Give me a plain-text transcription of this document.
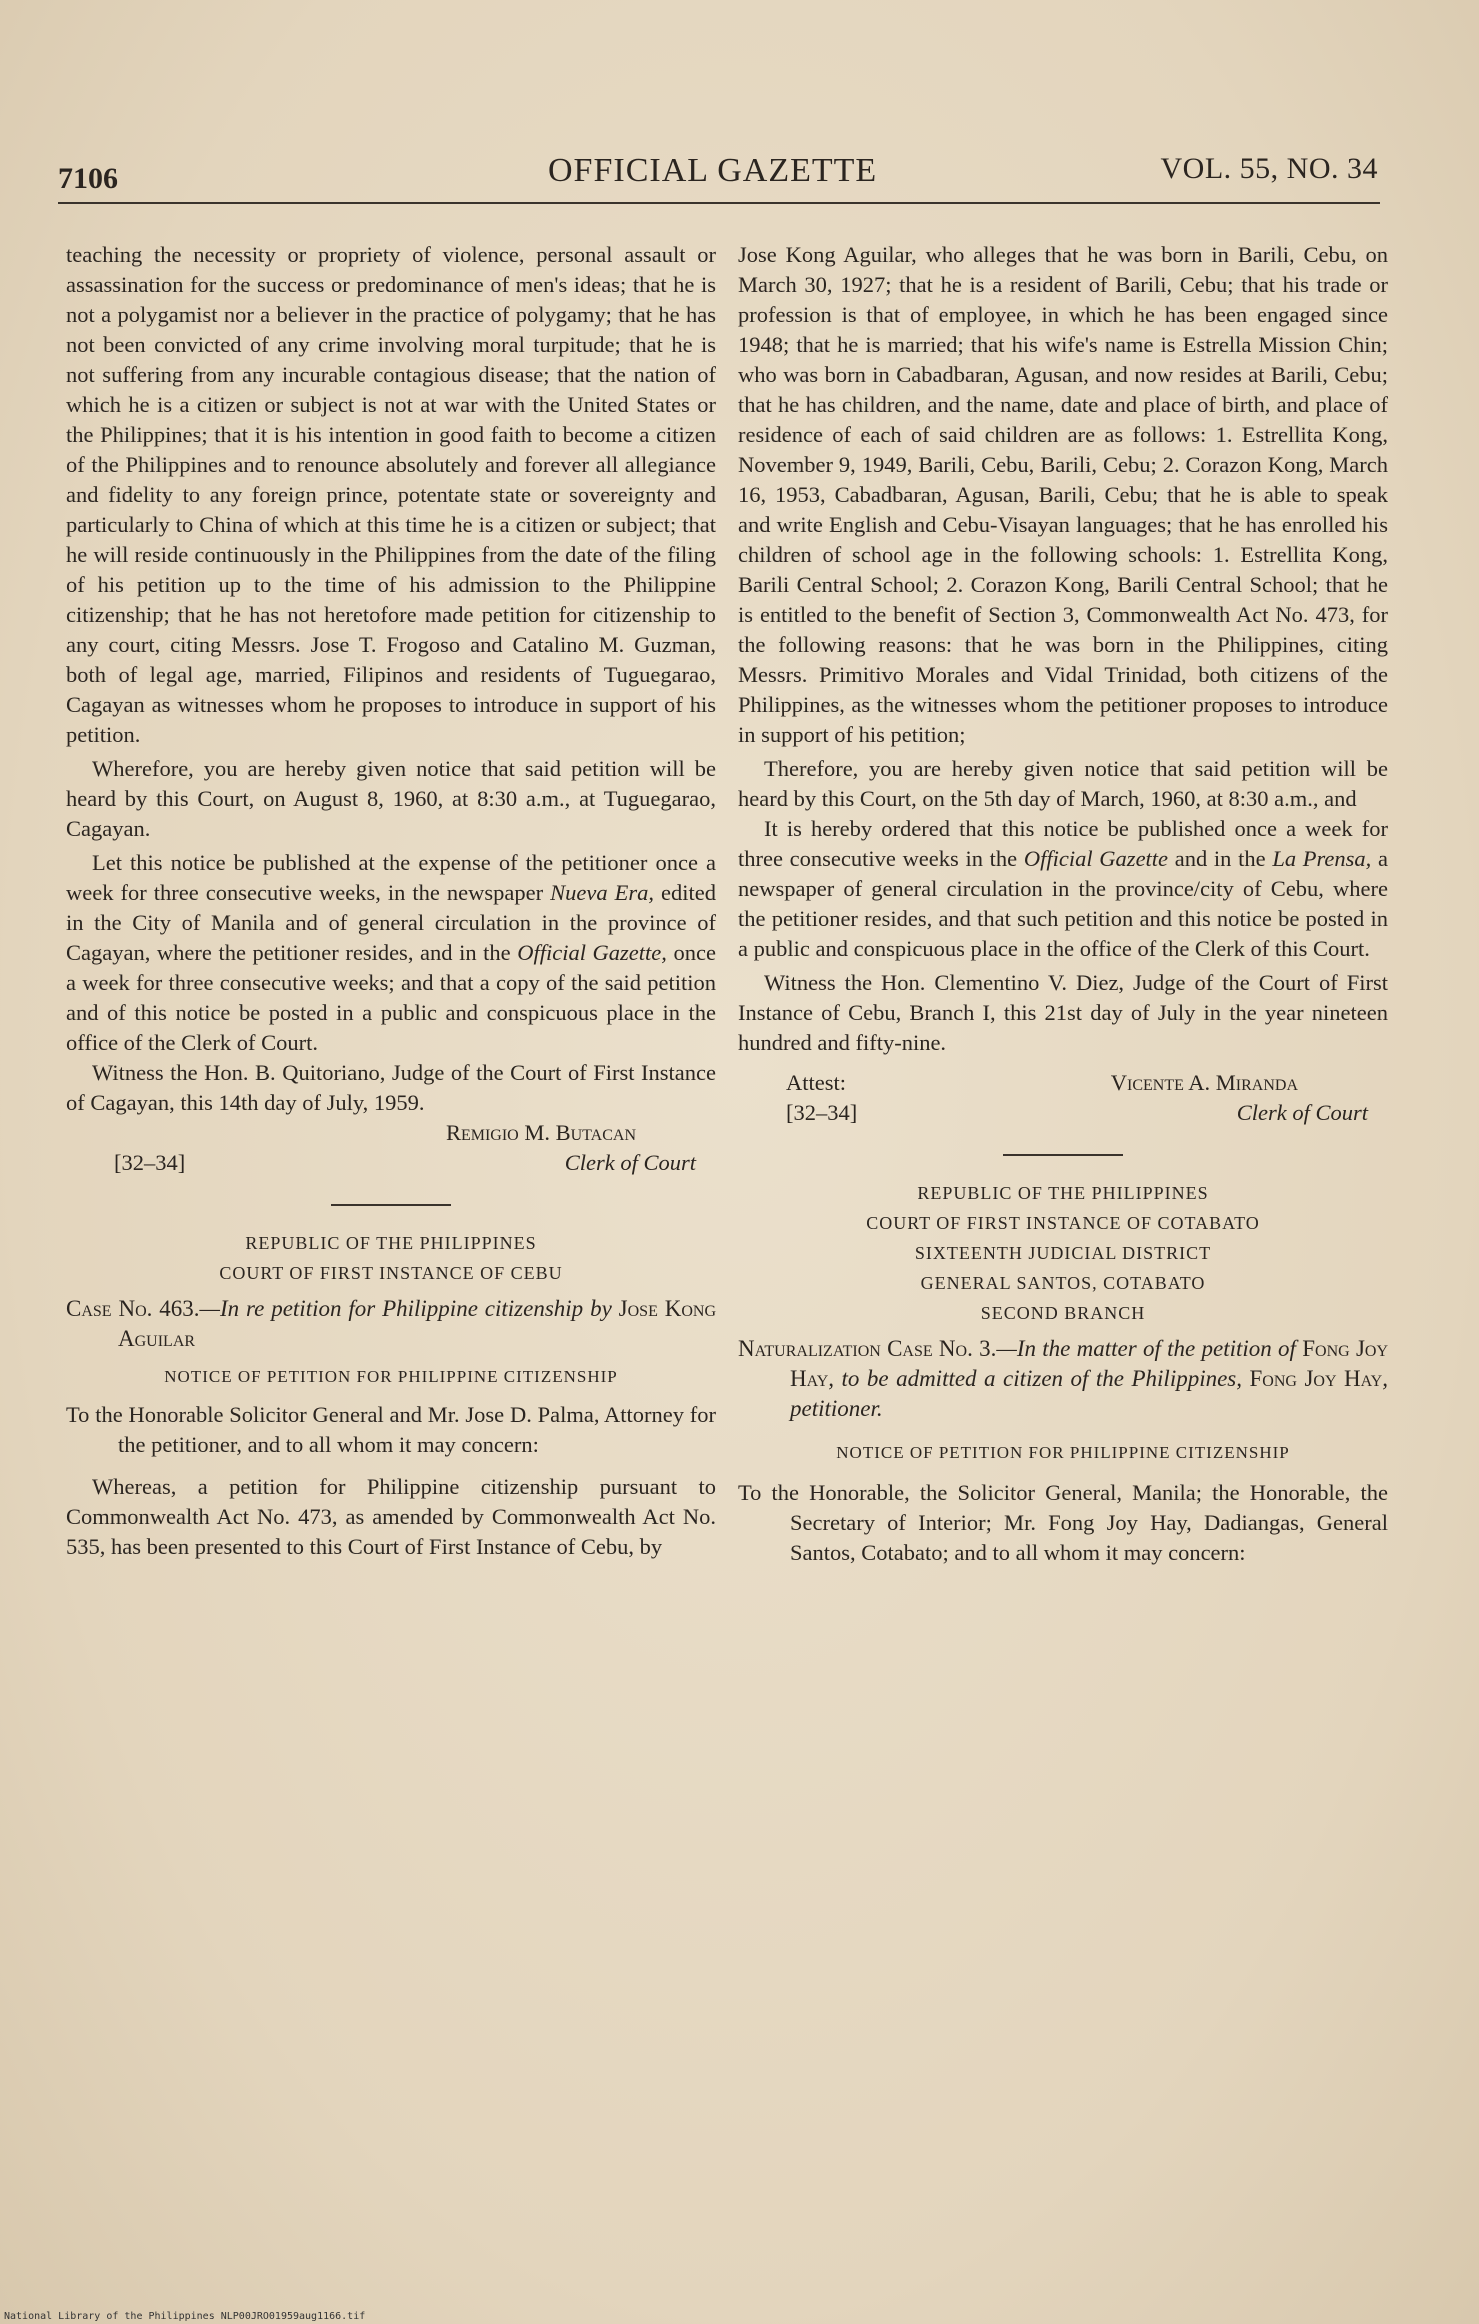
7106	OFFICIAL GAZETTE	VOL. 55, NO. 34

teaching the necessity or propriety of violence, personal assault or assassination for the success or predominance of men's ideas; that he is not a polygamist nor a believer in the practice of polygamy; that he has not been convicted of any crime involving moral turpitude; that he is not suffering from any incurable contagious disease; that the nation of which he is a citizen or subject is not at war with the United States or the Philippines; that it is his intention in good faith to become a citizen of the Philippines and to renounce absolutely and forever all allegiance and fidelity to any foreign prince, potentate state or sovereignty and particularly to China of which at this time he is a citizen or subject; that he will reside continuously in the Philippines from the date of the filing of his petition up to the time of his admission to the Philippine citizenship; that he has not heretofore made petition for citizenship to any court, citing Messrs. Jose T. Frogoso and Catalino M. Guzman, both of legal age, married, Filipinos and residents of Tuguegarao, Cagayan as witnesses whom he proposes to introduce in support of his petition.

Wherefore, you are hereby given notice that said petition will be heard by this Court, on August 8, 1960, at 8:30 a.m., at Tuguegarao, Cagayan.

Let this notice be published at the expense of the petitioner once a week for three consecutive weeks, in the newspaper Nueva Era, edited in the City of Manila and of general circulation in the province of Cagayan, where the petitioner resides, and in the Official Gazette, once a week for three consecutive weeks; and that a copy of the said petition and of this notice be posted in a public and conspicuous place in the office of the Clerk of Court.

Witness the Hon. B. Quitoriano, Judge of the Court of First Instance of Cagayan, this 14th day of July, 1959.

Remigio M. Butacan
[32–34]	Clerk of Court

REPUBLIC OF THE PHILIPPINES

COURT OF FIRST INSTANCE OF CEBU

Case No. 463.—In re petition for Philippine citizenship by Jose Kong Aguilar

NOTICE OF PETITION FOR PHILIPPINE CITIZENSHIP

To the Honorable Solicitor General and Mr. Jose D. Palma, Attorney for the petitioner, and to all whom it may concern:

Whereas, a petition for Philippine citizenship pursuant to Commonwealth Act No. 473, as amended by Commonwealth Act No. 535, has been presented to this Court of First Instance of Cebu, by

Jose Kong Aguilar, who alleges that he was born in Barili, Cebu, on March 30, 1927; that he is a resident of Barili, Cebu; that his trade or profession is that of employee, in which he has been engaged since 1948; that he is married; that his wife's name is Estrella Mission Chin; who was born in Cabadbaran, Agusan, and now resides at Barili, Cebu; that he has children, and the name, date and place of birth, and place of residence of each of said children are as follows: 1. Estrellita Kong, November 9, 1949, Barili, Cebu, Barili, Cebu; 2. Corazon Kong, March 16, 1953, Cabadbaran, Agusan, Barili, Cebu; that he is able to speak and write English and Cebu-Visayan languages; that he has enrolled his children of school age in the following schools: 1. Estrellita Kong, Barili Central School; 2. Corazon Kong, Barili Central School; that he is entitled to the benefit of Section 3, Commonwealth Act No. 473, for the following reasons: that he was born in the Philippines, citing Messrs. Primitivo Morales and Vidal Trinidad, both citizens of the Philippines, as the witnesses whom the petitioner proposes to introduce in support of his petition;

Therefore, you are hereby given notice that said petition will be heard by this Court, on the 5th day of March, 1960, at 8:30 a.m., and

It is hereby ordered that this notice be published once a week for three consecutive weeks in the Official Gazette and in the La Prensa, a newspaper of general circulation in the province/city of Cebu, where the petitioner resides, and that such petition and this notice be posted in a public and conspicuous place in the office of the Clerk of this Court.

Witness the Hon. Clementino V. Diez, Judge of the Court of First Instance of Cebu, Branch I, this 21st day of July in the year nineteen hundred and fifty-nine.

Attest:	Vicente A. Miranda
[32–34]	Clerk of Court

REPUBLIC OF THE PHILIPPINES

COURT OF FIRST INSTANCE OF COTABATO

SIXTEENTH JUDICIAL DISTRICT

GENERAL SANTOS, COTABATO

SECOND BRANCH

Naturalization Case No. 3.—In the matter of the petition of Fong Joy Hay, to be admitted a citizen of the Philippines, Fong Joy Hay, petitioner.

NOTICE OF PETITION FOR PHILIPPINE CITIZENSHIP

To the Honorable, the Solicitor General, Manila; the Honorable, the Secretary of Interior; Mr. Fong Joy Hay, Dadiangas, General Santos, Cotabato; and to all whom it may concern:

National Library of the Philippines NLP00JRO01959aug1166.tif
